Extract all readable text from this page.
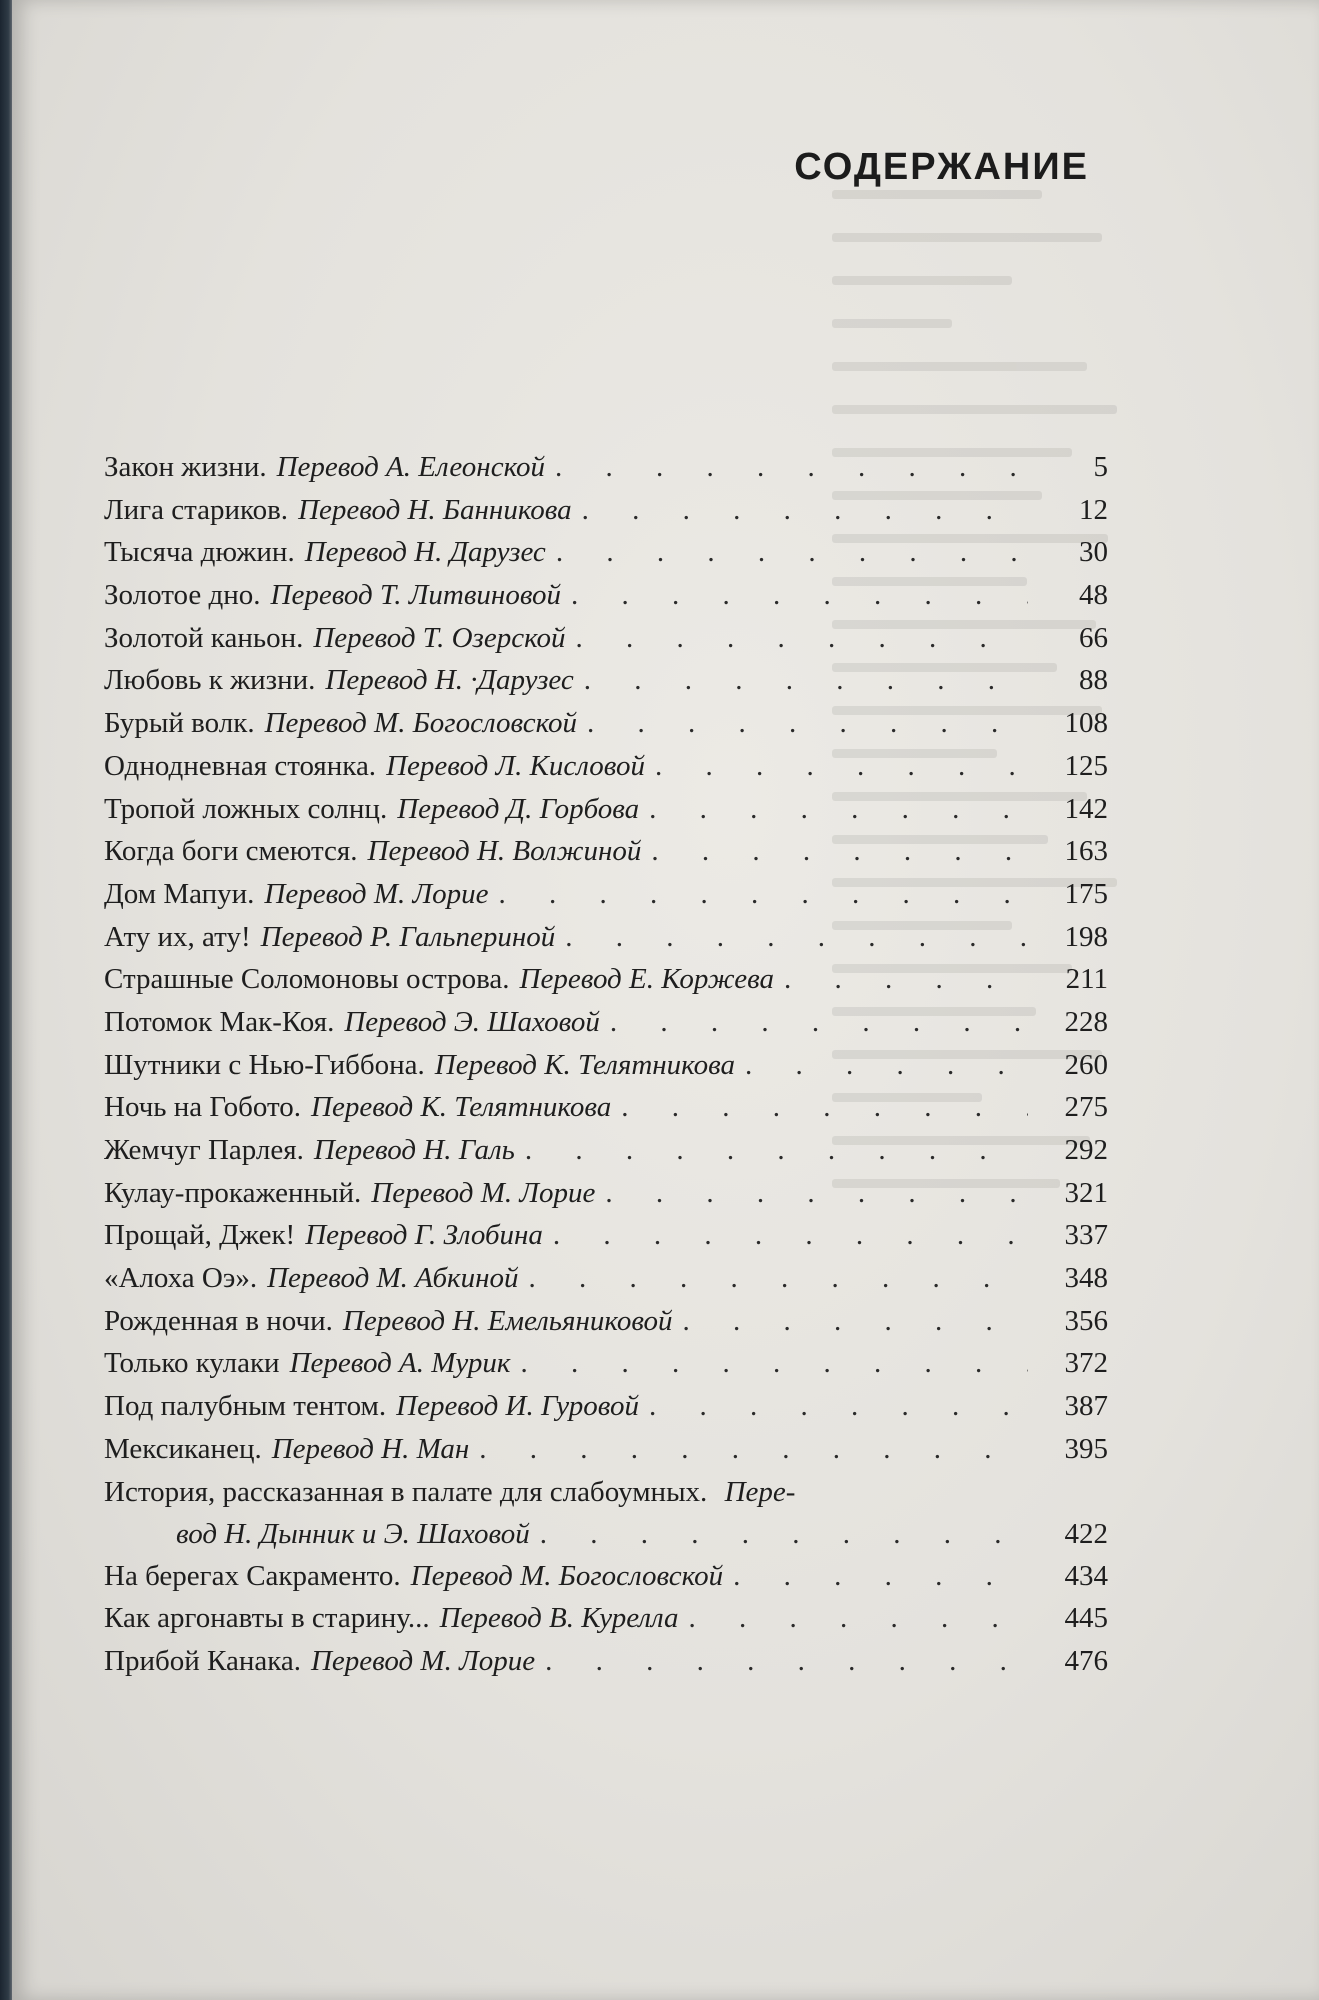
СОДЕРЖАНИЕ
Закон жизни. Перевод А. Елеонской . . .	5
Лига стариков. Перевод Н. Банникова . . .	12
Тысяча дюжин. Перевод Н. Дарузес . . .	30
Золотое дно. Перевод Т. Литвиновой . . .	48
Золотой каньон. Перевод Т. Озерской . . .	66
Любовь к жизни. Перевод Н. ·Дарузес . . .	88
Бурый волк. Перевод М. Богословской . . .	108
Однодневная стоянка. Перевод Л. Кисловой . . .	125
Тропой ложных солнц. Перевод Д. Горбова . . .	142
Когда боги смеются. Перевод Н. Волжиной . . .	163
Дом Мапуи. Перевод М. Лорие . . .	175
Ату их, ату! Перевод Р. Гальпериной . . .	198
Страшные Соломоновы острова. Перевод Е. Коржева . . .	211
Потомок Мак-Коя. Перевод Э. Шаховой . . .	228
Шутники с Нью-Гиббона. Перевод К. Телятникова . . .	260
Ночь на Гобото. Перевод К. Телятникова . . .	275
Жемчуг Парлея. Перевод Н. Галь . . .	292
Кулау-прокаженный. Перевод М. Лорие . . .	321
Прощай, Джек! Перевод Г. Злобина . . .	337
«Алоха Оэ». Перевод М. Абкиной . . .	348
Рожденная в ночи. Перевод Н. Емельяниковой . . .	356
Только кулаки Перевод А. Мурик . . .	372
Под палубным тентом. Перевод И. Гуровой . . .	387
Мексиканец. Перевод Н. Ман . . .	395
История, рассказанная в палате для слабоумных. Пере-
вод Н. Дынник и Э. Шаховой . . .	422
На берегах Сакраменто. Перевод М. Богословской . . .	434
Как аргонавты в старину... Перевод В. Курелла . . .	445
Прибой Канака. Перевод М. Лорие . . .	476
